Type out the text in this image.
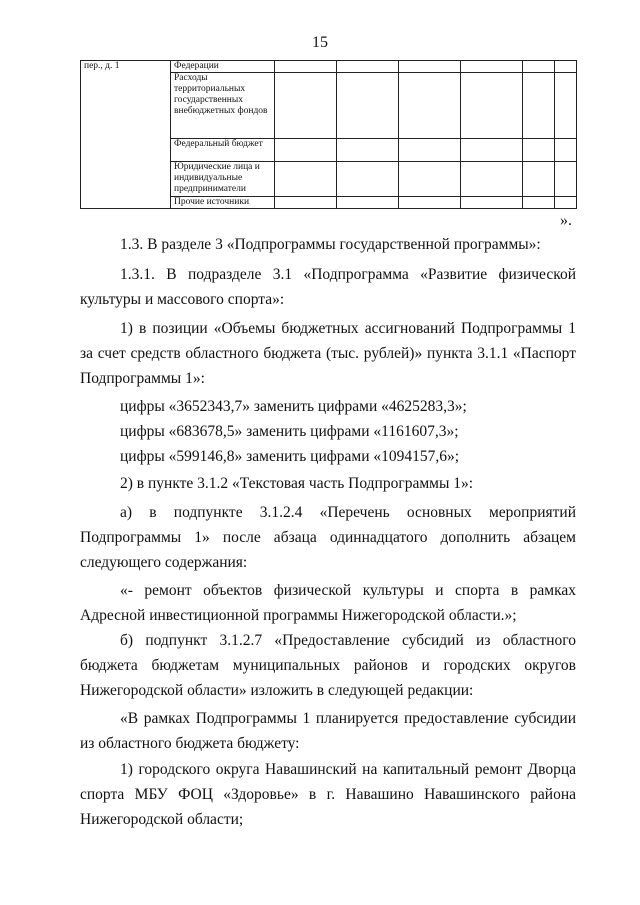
15
пер., д. 1	Федерации						
	Расходы территориальных государственных внебюджетных фондов						
	Федеральный бюджет						
	Юридические лица и индивидуальные предприниматели						
	Прочие источники						
».

1.3. В разделе 3 «Подпрограммы государственной программы»:

1.3.1. В подразделе 3.1 «Подпрограмма «Развитие физической культуры и массового спорта»:

1) в позиции «Объемы бюджетных ассигнований Подпрограммы 1 за счет средств областного бюджета (тыс. рублей)» пункта 3.1.1 «Паспорт Подпрограммы 1»:

цифры «3652343,7» заменить цифрами «4625283,3»;

цифры «683678,5» заменить цифрами «1161607,3»;

цифры «599146,8» заменить цифрами «1094157,6»;

2) в пункте 3.1.2 «Текстовая часть Подпрограммы 1»:

а) в подпункте 3.1.2.4 «Перечень основных мероприятий Подпрограммы 1» после абзаца одиннадцатого дополнить абзацем следующего содержания:

«- ремонт объектов физической культуры и спорта в рамках Адресной инвестиционной программы Нижегородской области.»;

б) подпункт 3.1.2.7 «Предоставление субсидий из областного бюджета бюджетам муниципальных районов и городских округов Нижегородской области» изложить в следующей редакции:

«В рамках Подпрограммы 1 планируется предоставление субсидии из областного бюджета бюджету:

1) городского округа Навашинский на капитальный ремонт Дворца спорта МБУ ФОЦ «Здоровье» в г. Навашино Навашинского района Нижегородской области;
